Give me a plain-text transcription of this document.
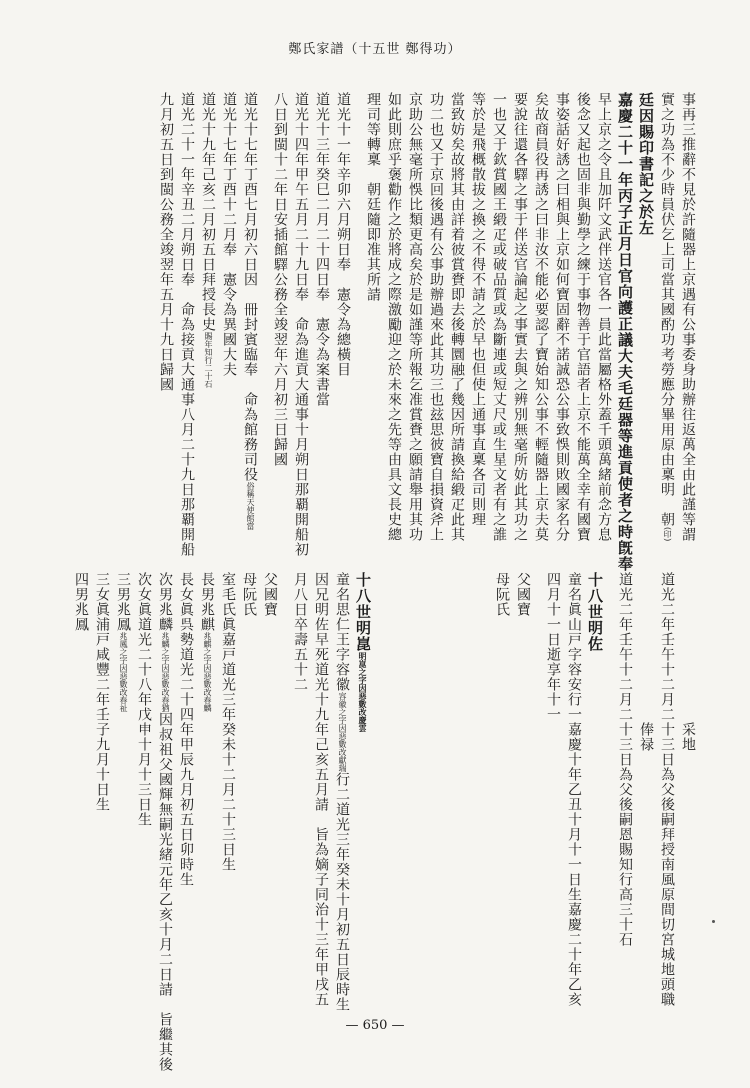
鄭氏家譜（十五世 鄭得功）
事再三推辭不見於許隨器上京遇有公事委身助辦往返萬全由此謹等謂
實之功為不少時員伏乞上司當其國酌功考勞應分畢用原由稟明　朝(印)
廷因賜印書記之於左
嘉慶二十一年丙子正月日官向護正議大夫毛廷器等進貢使者之時旣奉
早上京之令且加阡文武伴送官各一員此當屬格外蓋千頭萬緒前念方息
後念又起也固非與勤學之練于事物善于官語者上京不能萬全幸有國寶
事姿話好誘之曰相與上京如何寶固辭不諾誠恐公事致悞則敗國家名分
矣故商員役再誘之曰非汝不能必要認了寶始知公事不輕隨器上京夫莫
要說往還各驛之事于伴送官論起之事實去與之辨別無毫所妨此其功之
一也又于欽賞國王緞疋或破品質或為斷連或短丈尺或生星文者有之誰
等於是飛概散拔之換之不得不請之於早也但使上通事直稟各司則理
當致妨矣故將其由詳着彼賞賚即去後轉圜融了幾因所請換給緞疋此其
功二也又于京回後遇有公事助辦過來此其功三也玆思彼寶自損資斧上
京助公無毫所悞比類更高矣於是如謹等所報乞准賞賚之願請舉用其功
如此則庶乎褒勸作之於將成之際激勵迎之於未來之先等由具文長史總
理司等轉稟　朝廷隨即准其所請
道光十一年辛卯六月朔日奉　憲令為總橫目
道光十三年癸巳二月二十四日奉　憲令為案書當
道光十四年甲午五月二十九日奉　命為進貢大通事十月朔日那覇開船初
八日到閩十二年日安插館驛公務全竣翌年六月初三日歸國
道光十七年丁酉七月初六日因　冊封賓臨奉　命為館務司役俗稱天使館當
道光十七年丁酉十二月奉　憲令為異國大夫
道光十九年己亥二月初五日拜授長史賜年知行二十石
道光二十一年辛丑二月朔日奉　命為接貢大通事八月二十九日那覇開船
九月初五日到閩公務全竣翌年五月十九日歸國
　　　　　　　　　　采地
道光二年壬午十二月二十三日為父後嗣拜授南風原間切宮城地頭職
　　　　　　　　　　俸禄
道光二年壬午十二月二十三日為父後嗣恩賜知行高三十石
十八世明佐
童名眞山戸字容安行一嘉慶十年乙丑十月十一日生嘉慶二十年乙亥
四月十一日逝享年十一
父國寶
母阮氏
十八世明崑明崑之字因惡數改慶雲
童名思仁王字容徽容徽之字因惡數改獻瑞行二道光三年癸未十月初五日辰時生
因兄明佐早死道光十九年己亥五月請　旨為嫡子同治十三年甲戌五
月八日卒壽五十二
父國寶
母阮氏
室毛氏眞嘉戸道光三年癸未十二月二十三日生
長男兆麒兆麒之字因惡數改春麟
長女眞呉勢道光二十四年甲辰九月初五日卯時生
次男兆麟兆麟之字因惡數改春猶因叔祖父國輝無嗣光緒元年乙亥十月二日請　旨繼其後
次女眞道光二十八年戊申十月十三日生
三男兆鳳兆鳳之字因惡數改春祉
三女眞浦戸咸豐二年壬子九月十日生
四男兆鳳
— 650 —
